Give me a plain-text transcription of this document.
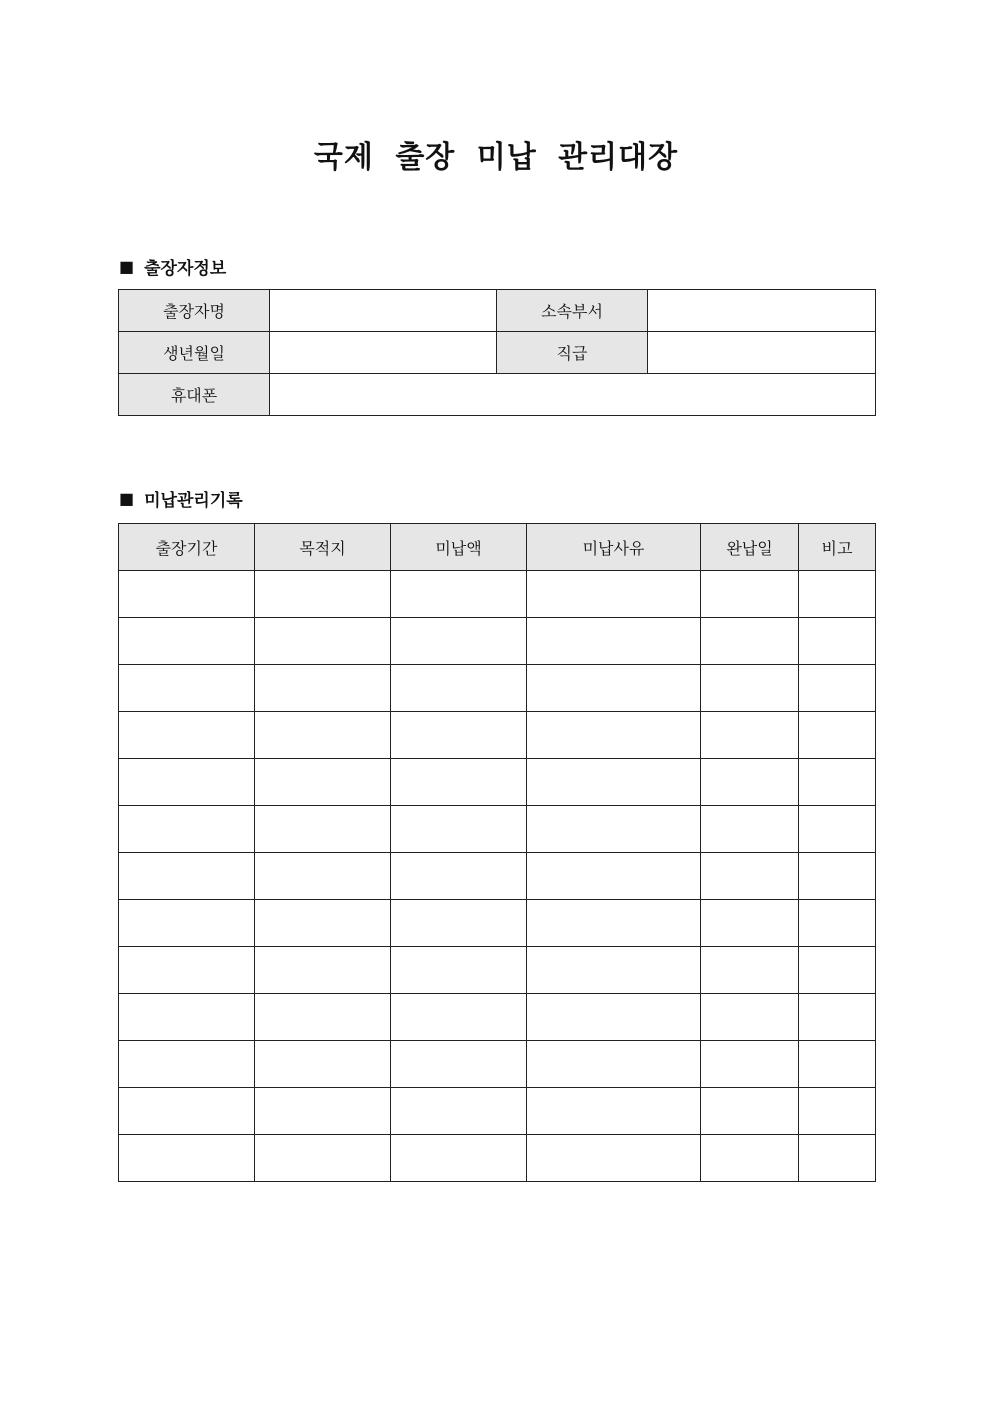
국제 출장 미납 관리대장
■ 출장자정보
출장자명		소속부서	
생년월일		직급	
휴대폰			
■ 미납관리기록
출장기간	목적지	미납액	미납사유	완납일	비고
